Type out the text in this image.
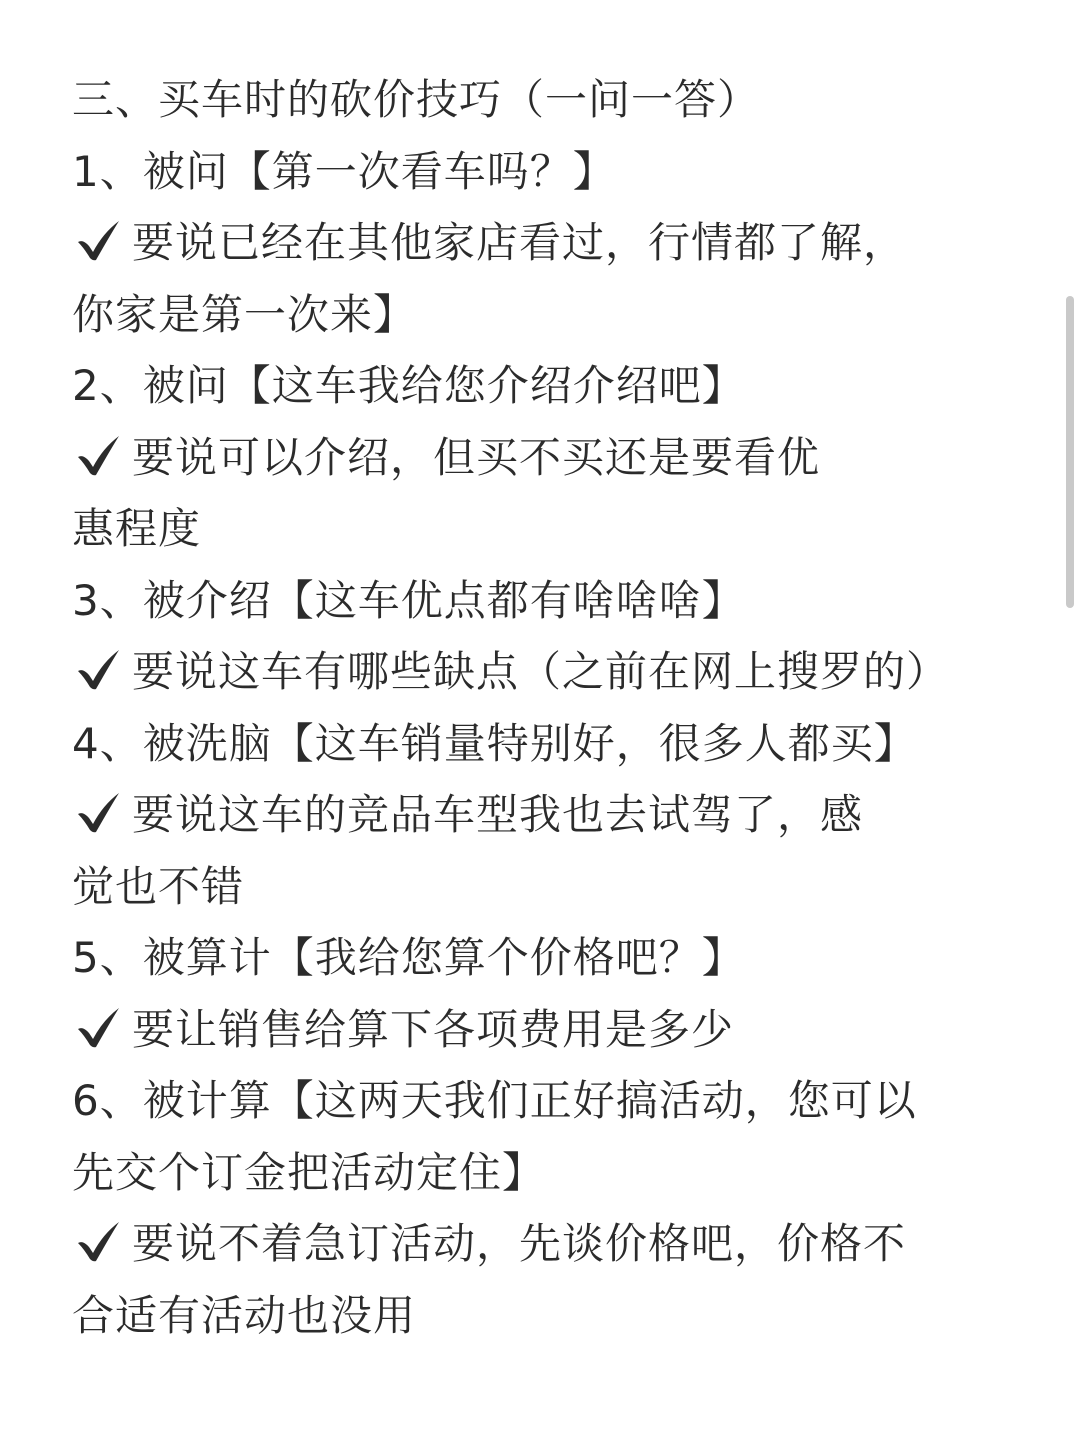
三、买车时的砍价技巧（一问一答）
1、被问【第一次看车吗？】
要说已经在其他家店看过，行情都了解，
你家是第一次来】
2、被问【这车我给您介绍介绍吧】
要说可以介绍，但买不买还是要看优
惠程度
3、被介绍【这车优点都有啥啥啥】
要说这车有哪些缺点（之前在网上搜罗的）
4、被洗脑【这车销量特别好，很多人都买】
要说这车的竞品车型我也去试驾了，感
觉也不错
5、被算计【我给您算个价格吧？】
要让销售给算下各项费用是多少
6、被计算【这两天我们正好搞活动，您可以
先交个订金把活动定住】
要说不着急订活动，先谈价格吧，价格不
合适有活动也没用
